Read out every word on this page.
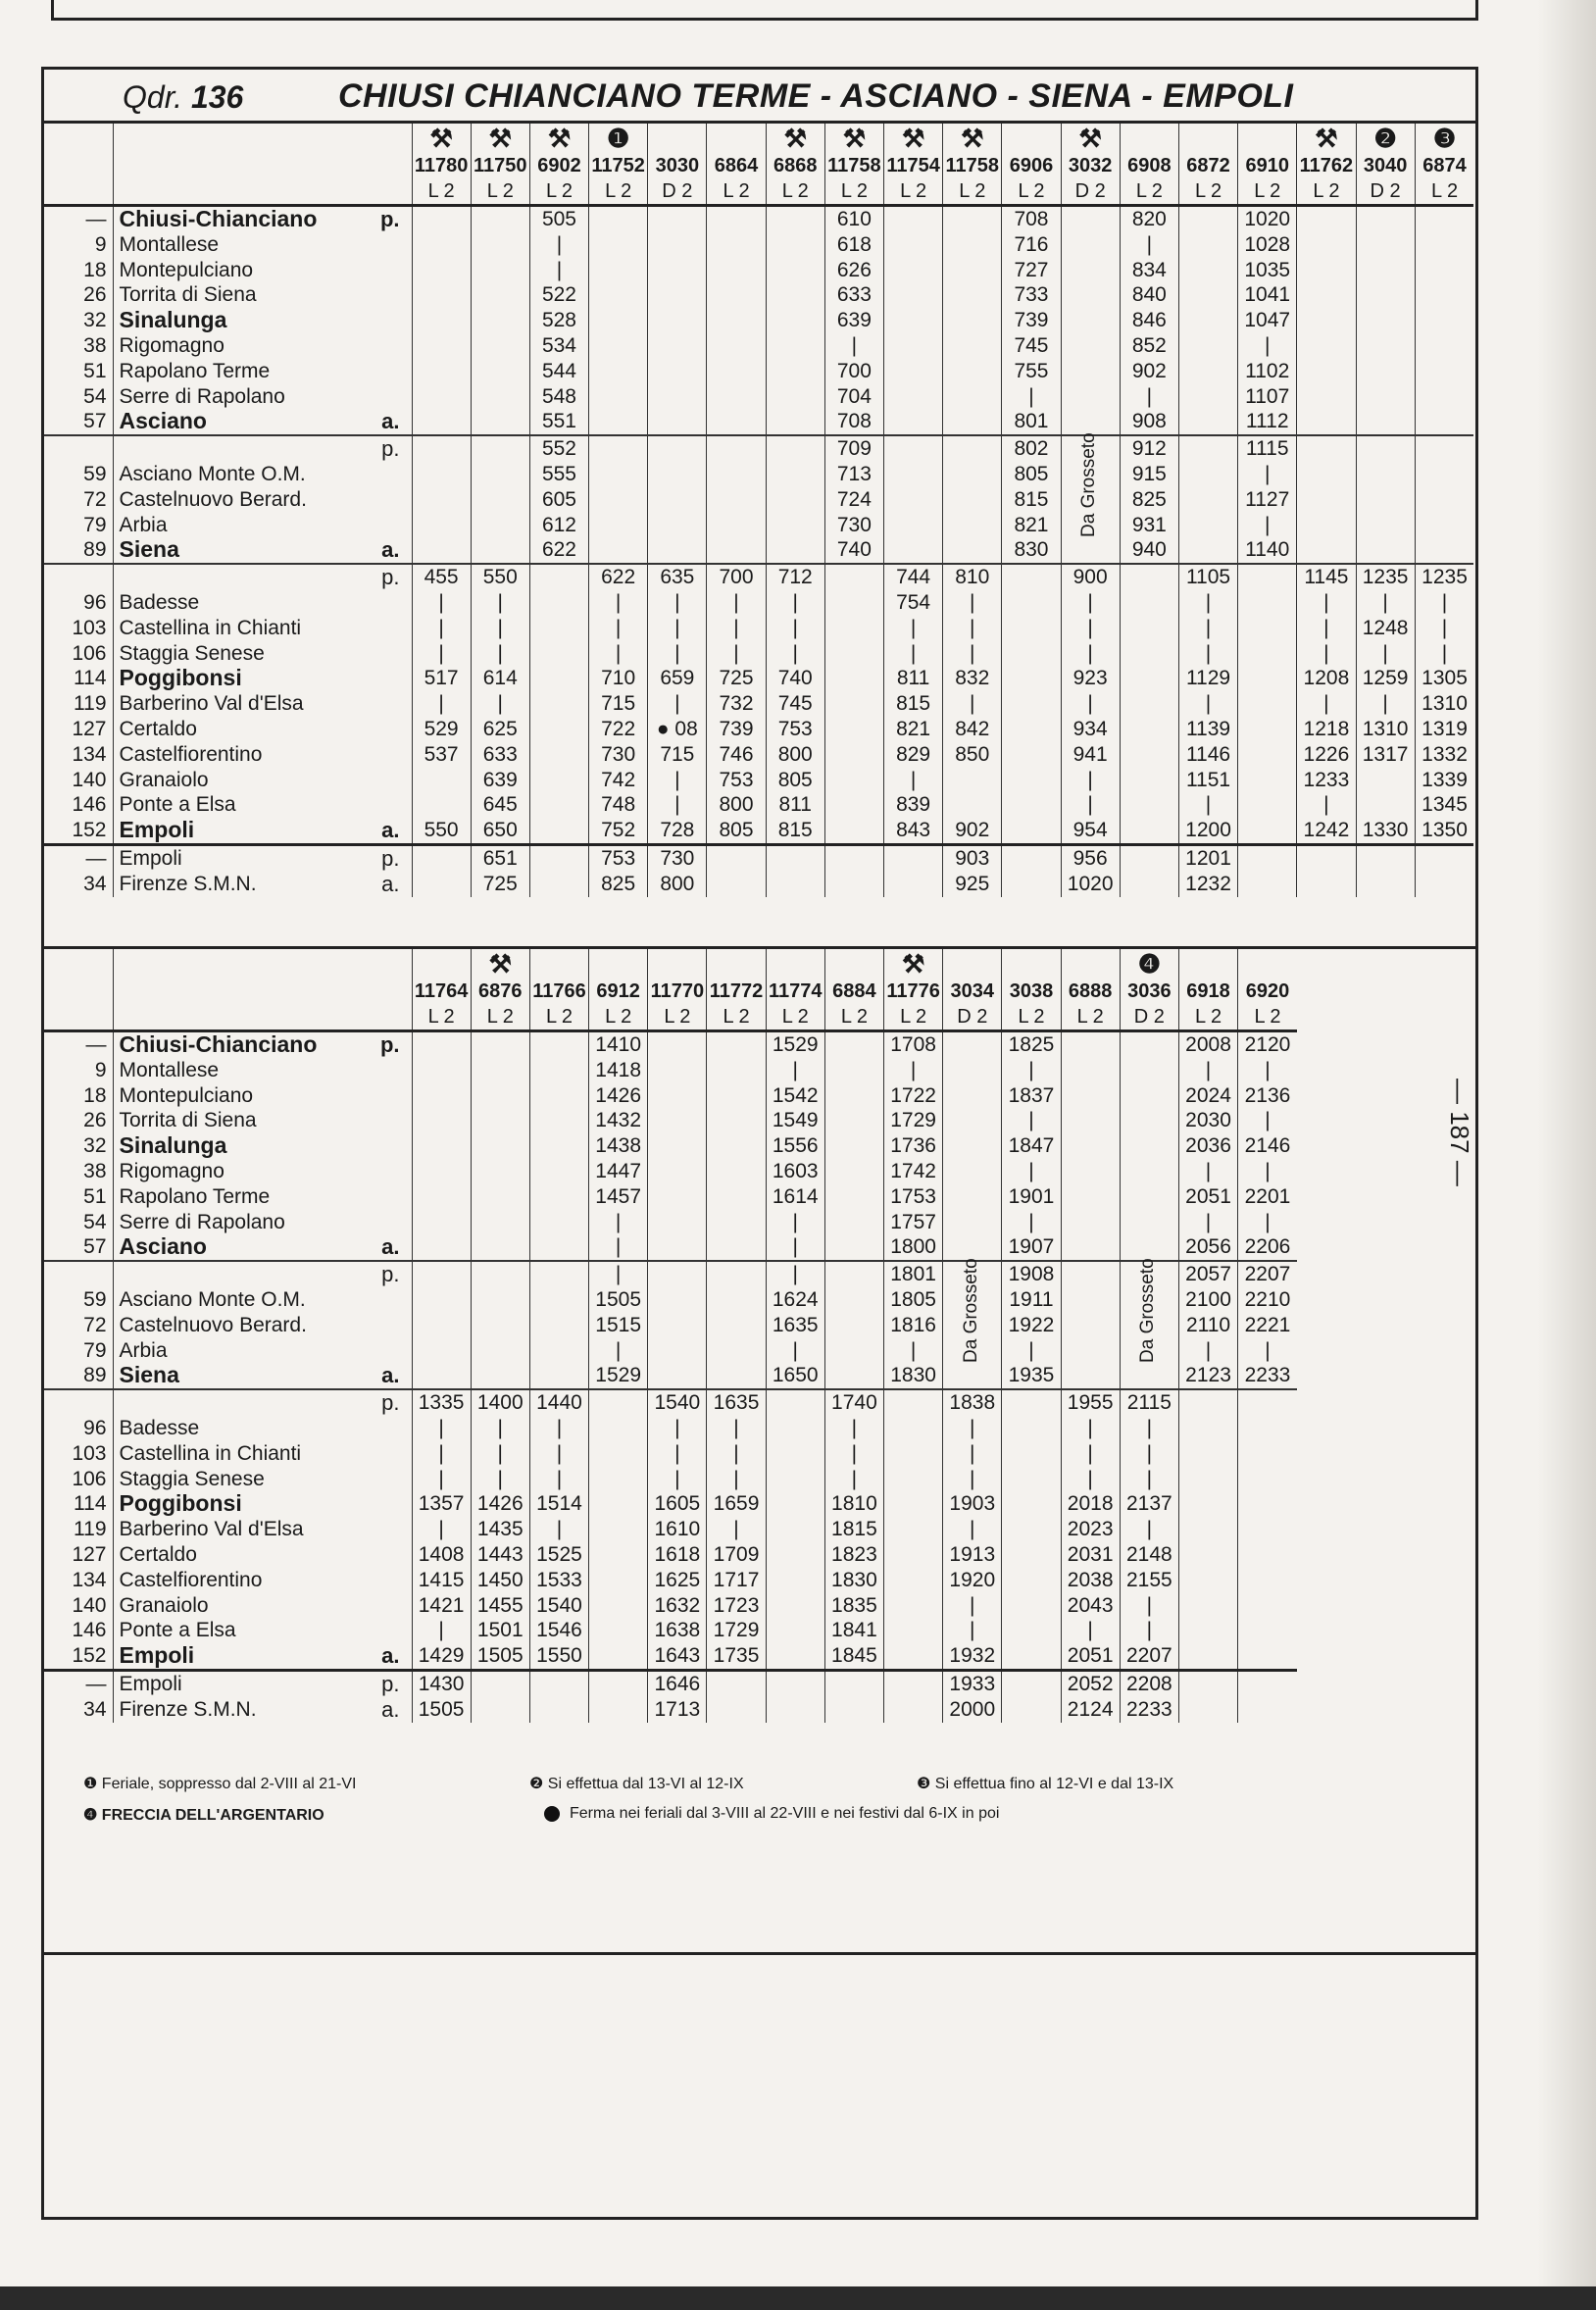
Qdr. 136	CHIUSI CHIANCIANO TERME - ASCIANO - SIENA - EMPOLI
		⚒	⚒	⚒	❶			⚒	⚒	⚒	⚒		⚒				⚒	❷	❸
		11780	11750	6902	11752	3030	6864	6868	11758	11754	11758	6906	3032	6908	6872	6910	11762	3040	6874
		L 2	L 2	L 2	L 2	D 2	L 2	L 2	L 2	L 2	L 2	L 2	D 2	L 2	L 2	L 2	L 2	D 2	L 2
—	Chiusi-Chianciano p.			505					610			708		820		1020			
9	Montallese			|					618			716		|		1028			
18	Montepulciano			|					626			727		834		1035			
26	Torrita di Siena			522					633			733		840		1041			
32	Sinalunga			528					639			739		846		1047			
38	Rigomagno			534					|			745		852		|			
51	Rapolano Terme			544					700			755		902		1102			
54	Serre di Rapolano			548					704			|		|		1107			
57	Asciano a.			551					708			801		908		1112			

	p.			552					709			802		912		1115			
59	Asciano Monte O.M.			555					713			805		915		|			
72	Castelnuovo Berard.			605					724			815		825		1127			
79	Arbia			612					730			821		931		|			
89	Siena a.			622					740			830		940		1140			

	p.	455	550		622	635	700	712		744	810		900		1105		1145	1235	1235
96	Badesse	|	|		|	|	|	|		754	|		|		|		|	|	|
103	Castellina in Chianti	|	|		|	|	|	|		|	|		|		|		|	1248	|
106	Staggia Senese	|	|		|	|	|	|		|	|		|		|		|	|	|
114	Poggibonsi	517	614		710	659	725	740		811	832		923		1129		1208	1259	1305
119	Barberino Val d'Elsa	|	|		715	|	732	745		815	|		|		|		|	|	1310
127	Certaldo	529	625		722	● 08	739	753		821	842		934		1139		1218	1310	1319
134	Castelfiorentino	537	633		730	715	746	800		829	850		941		1146		1226	1317	1332
140	Granaiolo		639		742	|	753	805		|			|		1151		1233		1339
146	Ponte a Elsa		645		748	|	800	811		839			|		|		|		1345
152	Empoli a.	550	650		752	728	805	815		843	902		954		1200		1242	1330	1350
—	Empoli p.		651		753	730					903		956		1201				
34	Firenze S.M.N. a.		725		825	800					925		1020		1232				
			⚒							⚒				❹		
		11764	6876	11766	6912	11770	11772	11774	6884	11776	3034	3038	6888	3036	6918	6920
		L 2	L 2	L 2	L 2	L 2	L 2	L 2	L 2	L 2	D 2	L 2	L 2	D 2	L 2	L 2
—	Chiusi-Chianciano p.				1410			1529		1708		1825			2008	2120
9	Montallese				1418			|		|		|			|	|
18	Montepulciano				1426			1542		1722		1837			2024	2136
26	Torrita di Siena				1432			1549		1729		|			2030	|
32	Sinalunga				1438			1556		1736		1847			2036	2146
38	Rigomagno				1447			1603		1742		|			|	|
51	Rapolano Terme				1457			1614		1753		1901			2051	2201
54	Serre di Rapolano				|			|		1757		|			|	|
57	Asciano a.				|			|		1800		1907			2056	2206

	p.				|			|		1801		1908			2057	2207
59	Asciano Monte O.M.				1505			1624		1805		1911			2100	2210
72	Castelnuovo Berard.				1515			1635		1816		1922			2110	2221
79	Arbia				|			|		|		|			|	|
89	Siena a.				1529			1650		1830		1935			2123	2233

	p.	1335	1400	1440		1540	1635		1740		1838		1955	2115		
96	Badesse	|	|	|		|	|		|		|		|	|		
103	Castellina in Chianti	|	|	|		|	|		|		|		|	|		
106	Staggia Senese	|	|	|		|	|		|		|		|	|		
114	Poggibonsi	1357	1426	1514		1605	1659		1810		1903		2018	2137		
119	Barberino Val d'Elsa	|	1435	|		1610	|		1815		|		2023	|		
127	Certaldo	1408	1443	1525		1618	1709		1823		1913		2031	2148		
134	Castelfiorentino	1415	1450	1533		1625	1717		1830		1920		2038	2155		
140	Granaiolo	1421	1455	1540		1632	1723		1835		|		2043	|		
146	Ponte a Elsa	|	1501	1546		1638	1729		1841		|		|	|		
152	Empoli a.	1429	1505	1550		1643	1735		1845		1932		2051	2207		
—	Empoli p.	1430				1646					1933		2052	2208		
34	Firenze S.M.N. a.	1505				1713					2000		2124	2233		
❶ Feriale, soppresso dal 2-VIII al 21-VI	❷ Si effettua dal 13-VI al 12-IX	❸ Si effettua fino al 12-VI e dal 13-IX
❹ FRECCIA DELL'ARGENTARIO	Ferma nei feriali dal 3-VIII al 22-VIII e nei festivi dal 6-IX in poi
Da Grosseto
Da Grosseto	Da Grosseto
— 187 —
